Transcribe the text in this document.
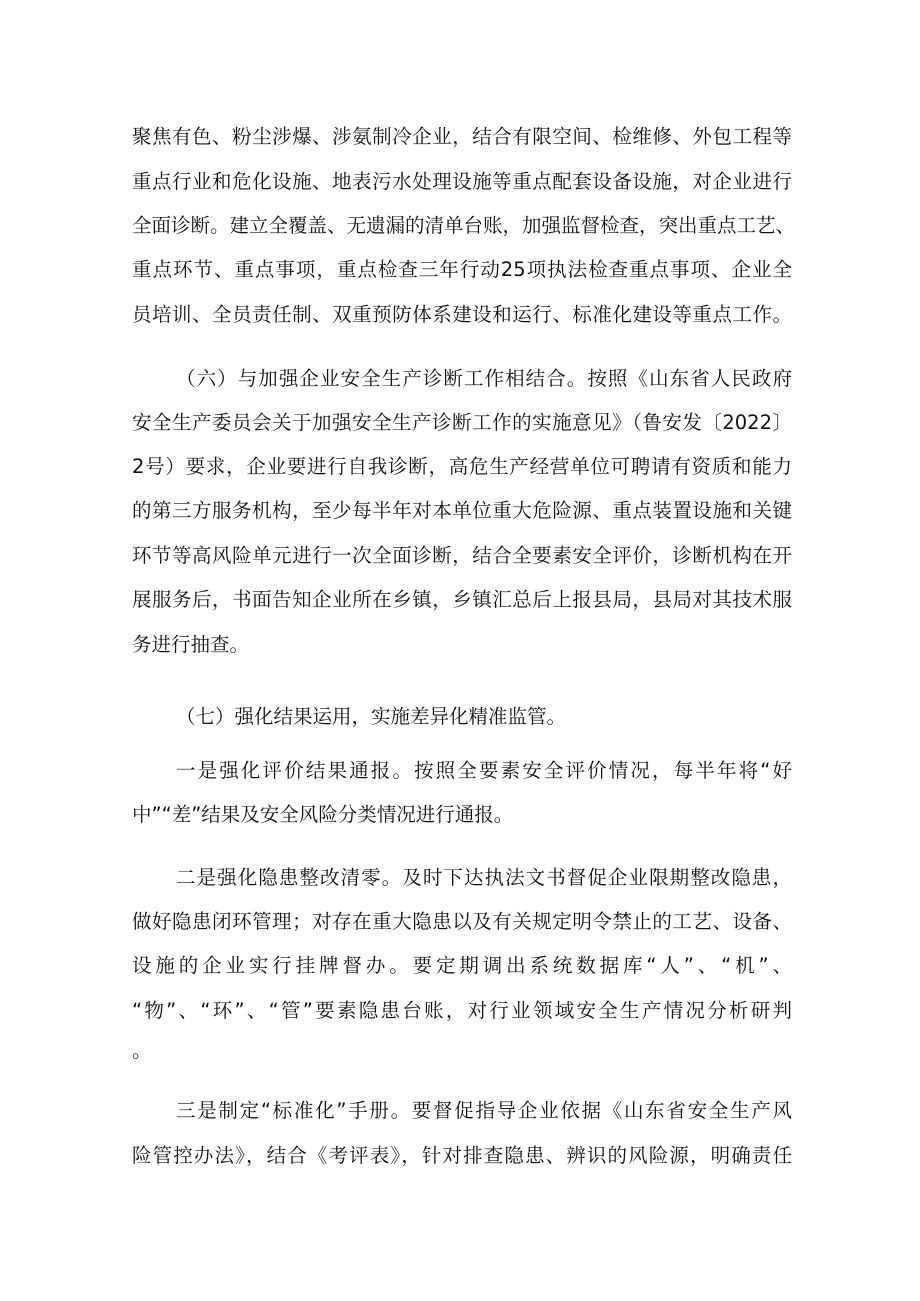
聚焦有色、粉尘涉爆、涉氨制冷企业，结合有限空间、检维修、外包工程等
重点行业和危化设施、地表污水处理设施等重点配套设备设施，对企业进行
全面诊断。建立全覆盖、无遗漏的清单台账，加强监督检查，突出重点工艺、
重点环节、重点事项，重点检查三年行动25项执法检查重点事项、企业全
员培训、全员责任制、双重预防体系建设和运行、标准化建设等重点工作。
（六）与加强企业安全生产诊断工作相结合。按照《山东省人民政府
安全生产委员会关于加强安全生产诊断工作的实施意见》（鲁安发〔2022〕
2号）要求，企业要进行自我诊断，高危生产经营单位可聘请有资质和能力
的第三方服务机构，至少每半年对本单位重大危险源、重点装置设施和关键
环节等高风险单元进行一次全面诊断，结合全要素安全评价，诊断机构在开
展服务后，书面告知企业所在乡镇，乡镇汇总后上报县局，县局对其技术服
务进行抽查。
（七）强化结果运用，实施差异化精准监管。
一是强化评价结果通报。按照全要素安全评价情况，每半年将“好
中”“差”结果及安全风险分类情况进行通报。
二是强化隐患整改清零。及时下达执法文书督促企业限期整改隐患，
做好隐患闭环管理；对存在重大隐患以及有关规定明令禁止的工艺、设备、
设施的企业实行挂牌督办。要定期调出系统数据库“人”、“机”、
“物”、“环”、“管”要素隐患台账，对行业领域安全生产情况分析研判
。
三是制定“标准化”手册。要督促指导企业依据《山东省安全生产风
险管控办法》，结合《考评表》，针对排查隐患、辨识的风险源，明确责任
